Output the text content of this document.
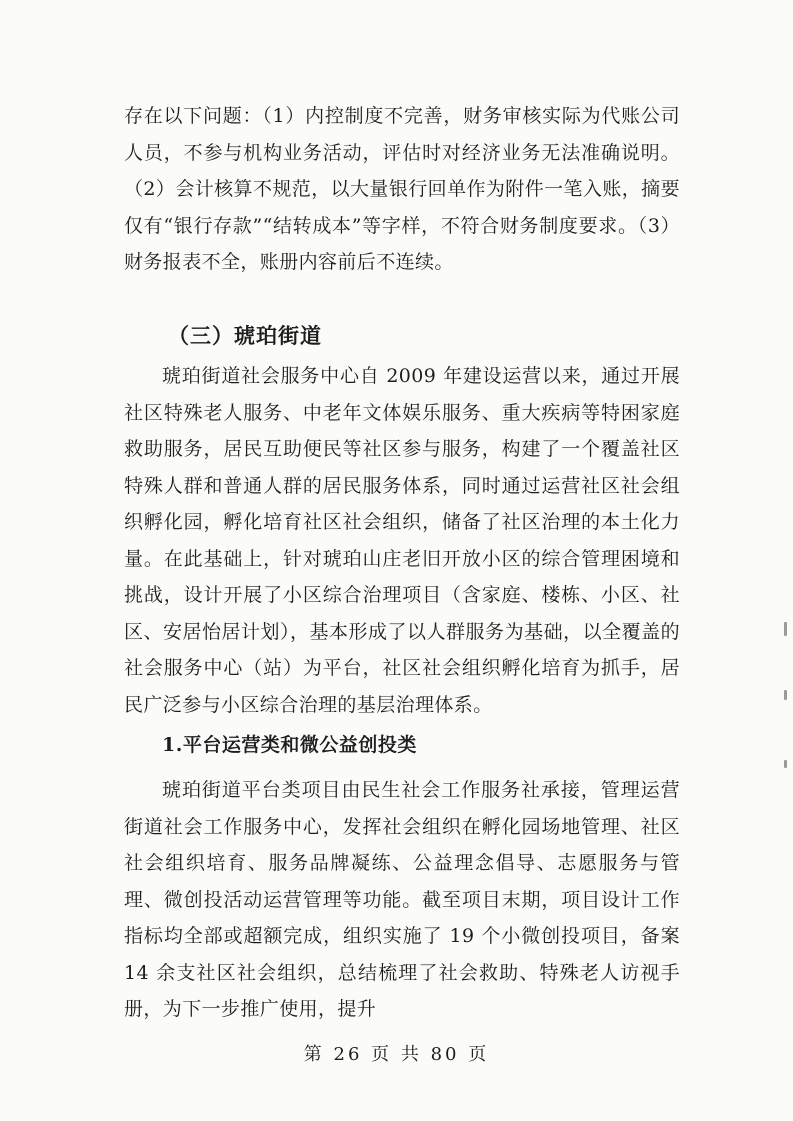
存在以下问题：（1）内控制度不完善，财务审核实际为代账公司人员，不参与机构业务活动，评估时对经济业务无法准确说明。（2）会计核算不规范，以大量银行回单作为附件一笔入账，摘要仅有“银行存款”“结转成本”等字样，不符合财务制度要求。（3）财务报表不全，账册内容前后不连续。

（三）琥珀街道

琥珀街道社会服务中心自 2009 年建设运营以来，通过开展社区特殊老人服务、中老年文体娱乐服务、重大疾病等特困家庭救助服务，居民互助便民等社区参与服务，构建了一个覆盖社区特殊人群和普通人群的居民服务体系，同时通过运营社区社会组织孵化园，孵化培育社区社会组织，储备了社区治理的本土化力量。在此基础上，针对琥珀山庄老旧开放小区的综合管理困境和挑战，设计开展了小区综合治理项目（含家庭、楼栋、小区、社区、安居怡居计划），基本形成了以人群服务为基础，以全覆盖的社会服务中心（站）为平台，社区社会组织孵化培育为抓手，居民广泛参与小区综合治理的基层治理体系。

1.平台运营类和微公益创投类

琥珀街道平台类项目由民生社会工作服务社承接，管理运营街道社会工作服务中心，发挥社会组织在孵化园场地管理、社区社会组织培育、服务品牌凝练、公益理念倡导、志愿服务与管理、微创投活动运营管理等功能。截至项目末期，项目设计工作指标均全部或超额完成，组织实施了 19 个小微创投项目，备案 14 余支社区社会组织，总结梳理了社会救助、特殊老人访视手册，为下一步推广使用，提升

第 26 页 共 80 页
